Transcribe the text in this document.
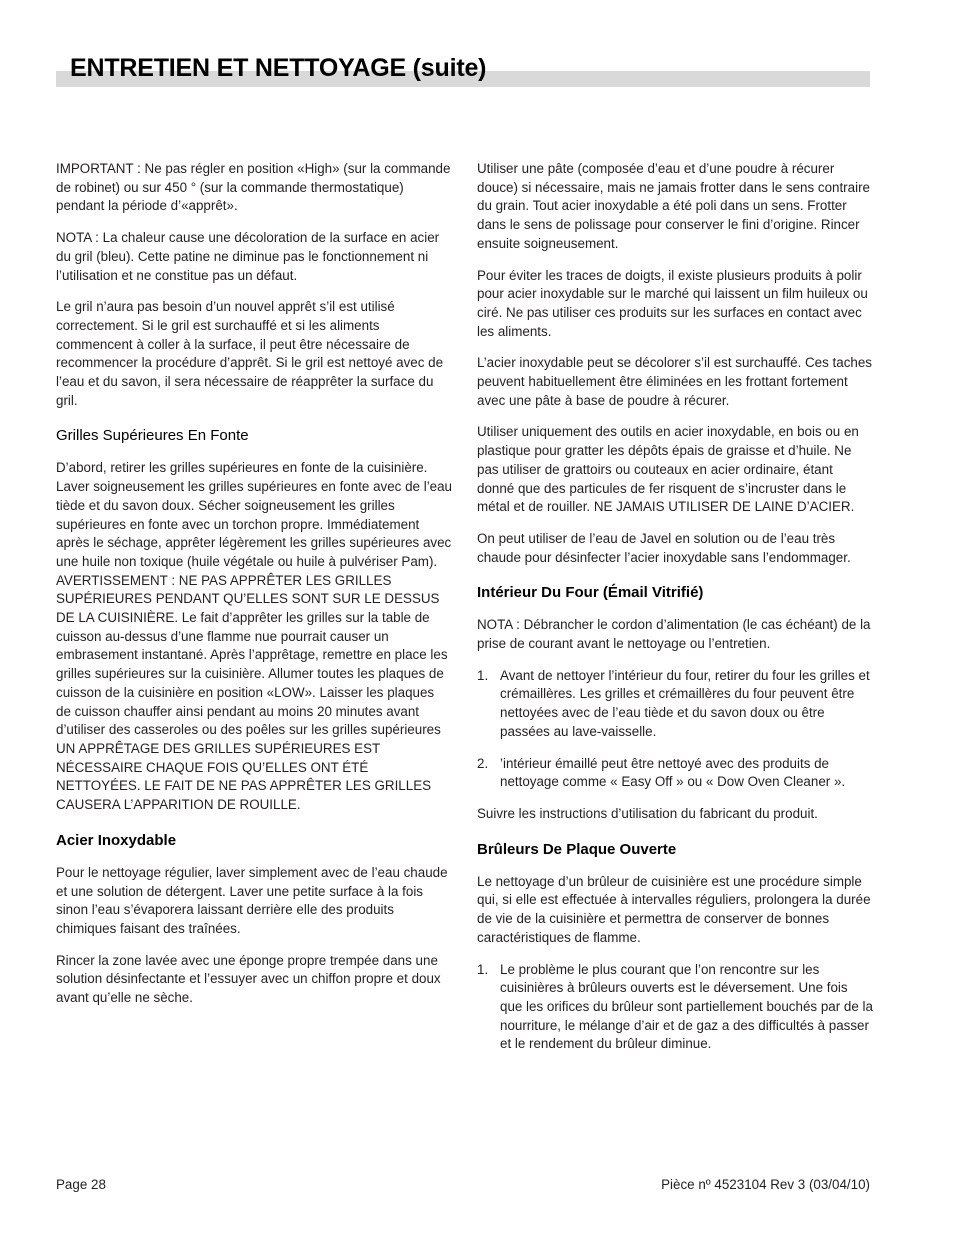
ENTRETIEN ET NETTOYAGE (suite)

IMPORTANT : Ne pas régler en position «High» (sur la commande de robinet) ou sur 450 ° (sur la commande thermostatique) pendant la période d’«apprêt».

NOTA : La chaleur cause une décoloration de la surface en acier du gril (bleu). Cette patine ne diminue pas le fonctionnement ni l’utilisation et ne constitue pas un défaut.

Le gril n’aura pas besoin d’un nouvel apprêt s’il est utilisé correctement. Si le gril est surchauffé et si les aliments commencent à coller à la surface, il peut être nécessaire de recommencer la procédure d’apprêt. Si le gril est nettoyé avec de l’eau et du savon, il sera nécessaire de réapprêter la surface du gril.

Grilles Supérieures En Fonte

D’abord, retirer les grilles supérieures en fonte de la cuisinière. Laver soigneusement les grilles supérieures en fonte avec de l’eau tiède et du savon doux. Sécher soigneusement les grilles supérieures en fonte avec un torchon propre. Immédiatement après le séchage, apprêter légèrement les grilles supérieures avec une huile non toxique (huile végétale ou huile à pulvériser Pam). AVERTISSEMENT : NE PAS APPRÊTER LES GRILLES SUPÉRIEURES PENDANT QU’ELLES SONT SUR LE DESSUS DE LA CUISINIÈRE. Le fait d’apprêter les grilles sur la table de cuisson au-dessus d’une flamme nue pourrait causer un embrasement instantané. Après l’apprêtage, remettre en place les grilles supérieures sur la cuisinière. Allumer toutes les plaques de cuisson de la cuisinière en position «LOW». Laisser les plaques de cuisson chauffer ainsi pendant au moins 20 minutes avant d’utiliser des casseroles ou des poêles sur les grilles supérieures UN APPRÊTAGE DES GRILLES SUPÉRIEURES EST NÉCESSAIRE CHAQUE FOIS QU’ELLES ONT ÉTÉ NETTOYÉES. LE FAIT DE NE PAS APPRÊTER LES GRILLES CAUSERA L’APPARITION DE ROUILLE.

Acier Inoxydable

Pour le nettoyage régulier, laver simplement avec de l’eau chaude et une solution de détergent. Laver une petite surface à la fois sinon l’eau s’évaporera laissant derrière elle des produits chimiques faisant des traînées.

Rincer la zone lavée avec une éponge propre trempée dans une solution désinfectante et l’essuyer avec un chiffon propre et doux avant qu’elle ne sèche.

Utiliser une pâte (composée d’eau et d’une poudre à récurer douce) si nécessaire, mais ne jamais frotter dans le sens contraire du grain. Tout acier inoxydable a été poli dans un sens. Frotter dans le sens de polissage pour conserver le fini d’origine. Rincer ensuite soigneusement.

Pour éviter les traces de doigts, il existe plusieurs produits à polir pour acier inoxydable sur le marché qui laissent un film huileux ou ciré. Ne pas utiliser ces produits sur les surfaces en contact avec les aliments.

L’acier inoxydable peut se décolorer s’il est surchauffé. Ces taches peuvent habituellement être éliminées en les frottant fortement avec une pâte à base de poudre à récurer.

Utiliser uniquement des outils en acier inoxydable, en bois ou en plastique pour gratter les dépôts épais de graisse et d’huile. Ne pas utiliser de grattoirs ou couteaux en acier ordinaire, étant donné que des particules de fer risquent de s’incruster dans le métal et de rouiller. NE JAMAIS UTILISER DE LAINE D’ACIER.

On peut utiliser de l’eau de Javel en solution ou de l’eau très chaude pour désinfecter l’acier inoxydable sans l’endommager.

Intérieur Du Four (Émail Vitrifié)

NOTA : Débrancher le cordon d’alimentation (le cas échéant) de la prise de courant avant le nettoyage ou l’entretien.

1. Avant de nettoyer l’intérieur du four, retirer du four les grilles et crémaillères. Les grilles et crémaillères du four peuvent être nettoyées avec de l’eau tiède et du savon doux ou être passées au lave-vaisselle.
2. ’intérieur émaillé peut être nettoyé avec des produits de nettoyage comme « Easy Off » ou « Dow Oven Cleaner ».

Suivre les instructions d’utilisation du fabricant du produit.

Brûleurs De Plaque Ouverte

Le nettoyage d’un brûleur de cuisinière est une procédure simple qui, si elle est effectuée à intervalles réguliers, prolongera la durée de vie de la cuisinière et permettra de conserver de bonnes caractéristiques de flamme.

1. Le problème le plus courant que l’on rencontre sur les cuisinières à brûleurs ouverts est le déversement. Une fois que les orifices du brûleur sont partiellement bouchés par de la nourriture, le mélange d’air et de gaz a des difficultés à passer et le rendement du brûleur diminue.
Page 28	Pièce nº 4523104 Rev 3 (03/04/10)
